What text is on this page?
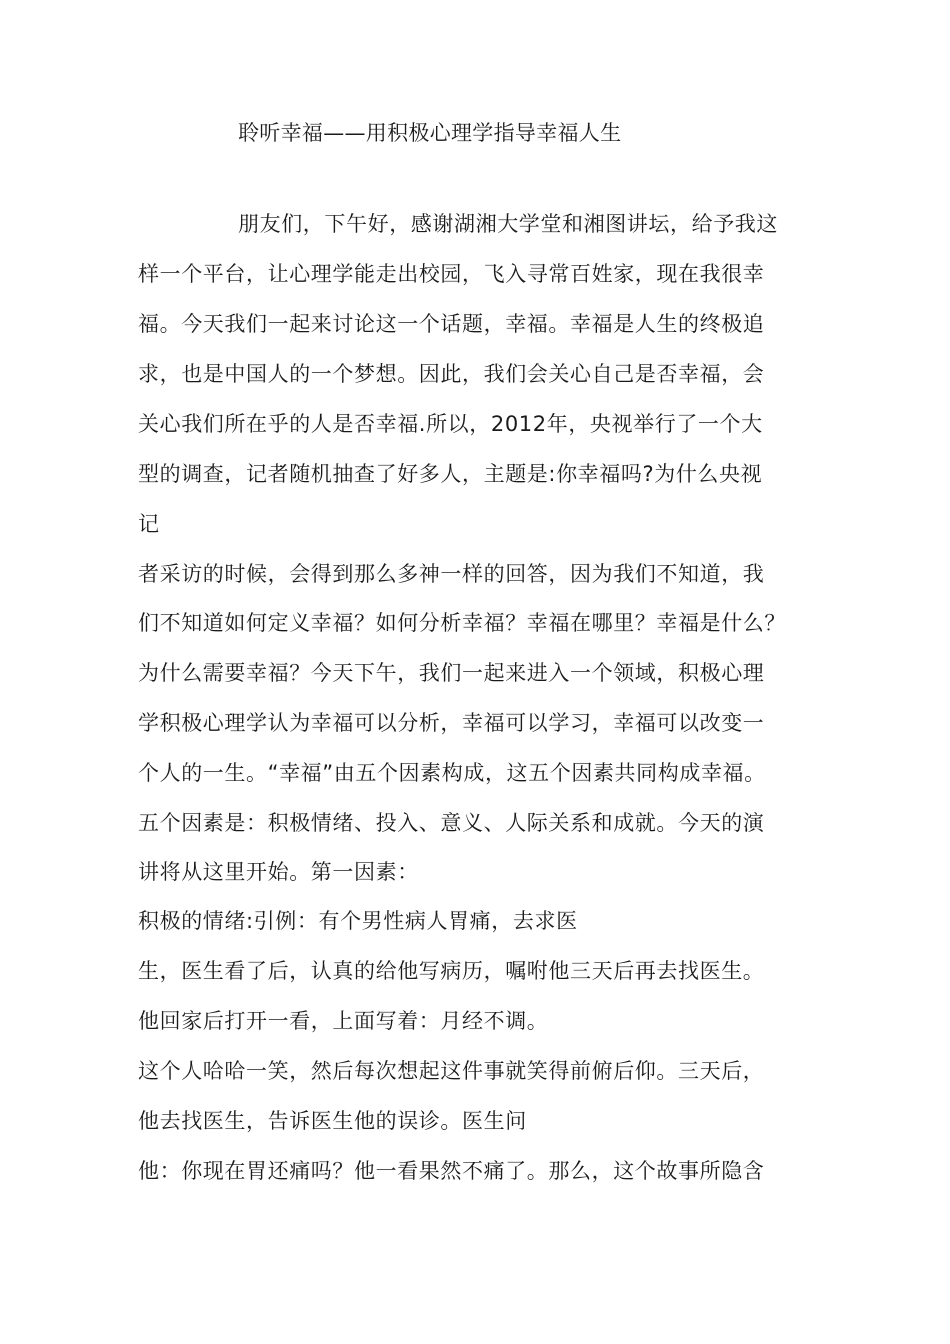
聆听幸福——用积极心理学指导幸福人生
朋友们，下午好，感谢湖湘大学堂和湘图讲坛，给予我这
样一个平台，让心理学能走出校园，飞入寻常百姓家，现在我很幸
福。今天我们一起来讨论这一个话题，幸福。幸福是人生的终极追
求，也是中国人的一个梦想。因此，我们会关心自己是否幸福，会
关心我们所在乎的人是否幸福.所以，2012年，央视举行了一个大
型的调查，记者随机抽查了好多人，主题是:你幸福吗?为什么央视
记
者采访的时候，会得到那么多神一样的回答，因为我们不知道，我
们不知道如何定义幸福？如何分析幸福？幸福在哪里？幸福是什么？
为什么需要幸福？今天下午，我们一起来进入一个领域，积极心理
学积极心理学认为幸福可以分析，幸福可以学习，幸福可以改变一
个人的一生。“幸福”由五个因素构成，这五个因素共同构成幸福。
五个因素是：积极情绪、投入、意义、人际关系和成就。今天的演
讲将从这里开始。第一因素：
积极的情绪:引例：有个男性病人胃痛，去求医
生，医生看了后，认真的给他写病历，嘱咐他三天后再去找医生。
他回家后打开一看，上面写着：月经不调。
这个人哈哈一笑，然后每次想起这件事就笑得前俯后仰。三天后，
他去找医生，告诉医生他的误诊。医生问
他：你现在胃还痛吗？他一看果然不痛了。那么，这个故事所隐含
